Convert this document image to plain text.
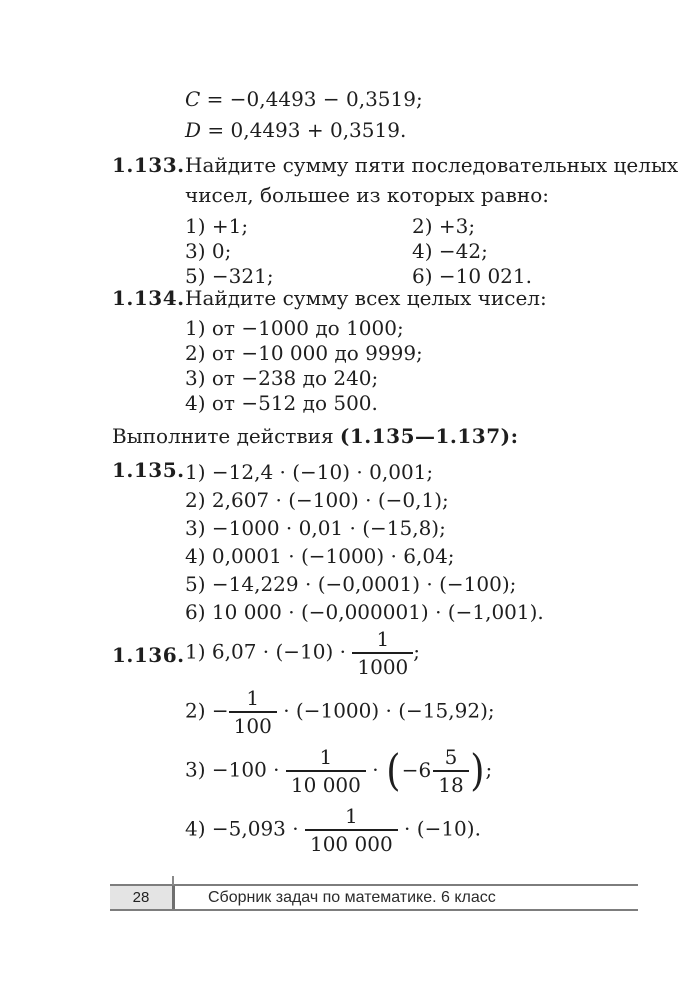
C = −0,4493 − 0,3519;
D = 0,4493 + 0,3519.
1.133. Найдите сумму пяти последовательных целых
чисел, большее из которых равно:
1) +1;	2) +3;
3) 0;	4) −42;
5) −321;	6) −10 021.
1.134. Найдите сумму всех целых чисел:
1) от −1000 до 1000;
2) от −10 000 до 9999;
3) от −238 до 240;
4) от −512 до 500.
Выполните действия (1.135—1.137):
1.135. 1) −12,4 · (−10) · 0,001;
2) 2,607 · (−100) · (−0,1);
3) −1000 · 0,01 · (−15,8);
4) 0,0001 · (−1000) · 6,04;
5) −14,229 · (−0,0001) · (−100);
6) 10 000 · (−0,000001) · (−1,001).
1.136. 1) $6,07 \cdot (-10) \cdot \frac{1}{1000}$ ;
$2) - \frac{1}{100} \cdot (-1000) \cdot (-15,92)$;
$3) -100 \cdot \frac{1}{10 000} \cdot (-6 \frac{5}{18}$ );
$4) -5,093 \cdot \frac{1}{100 000} \cdot (-10)$.
28	Сборник задач по математике. 6 класс
